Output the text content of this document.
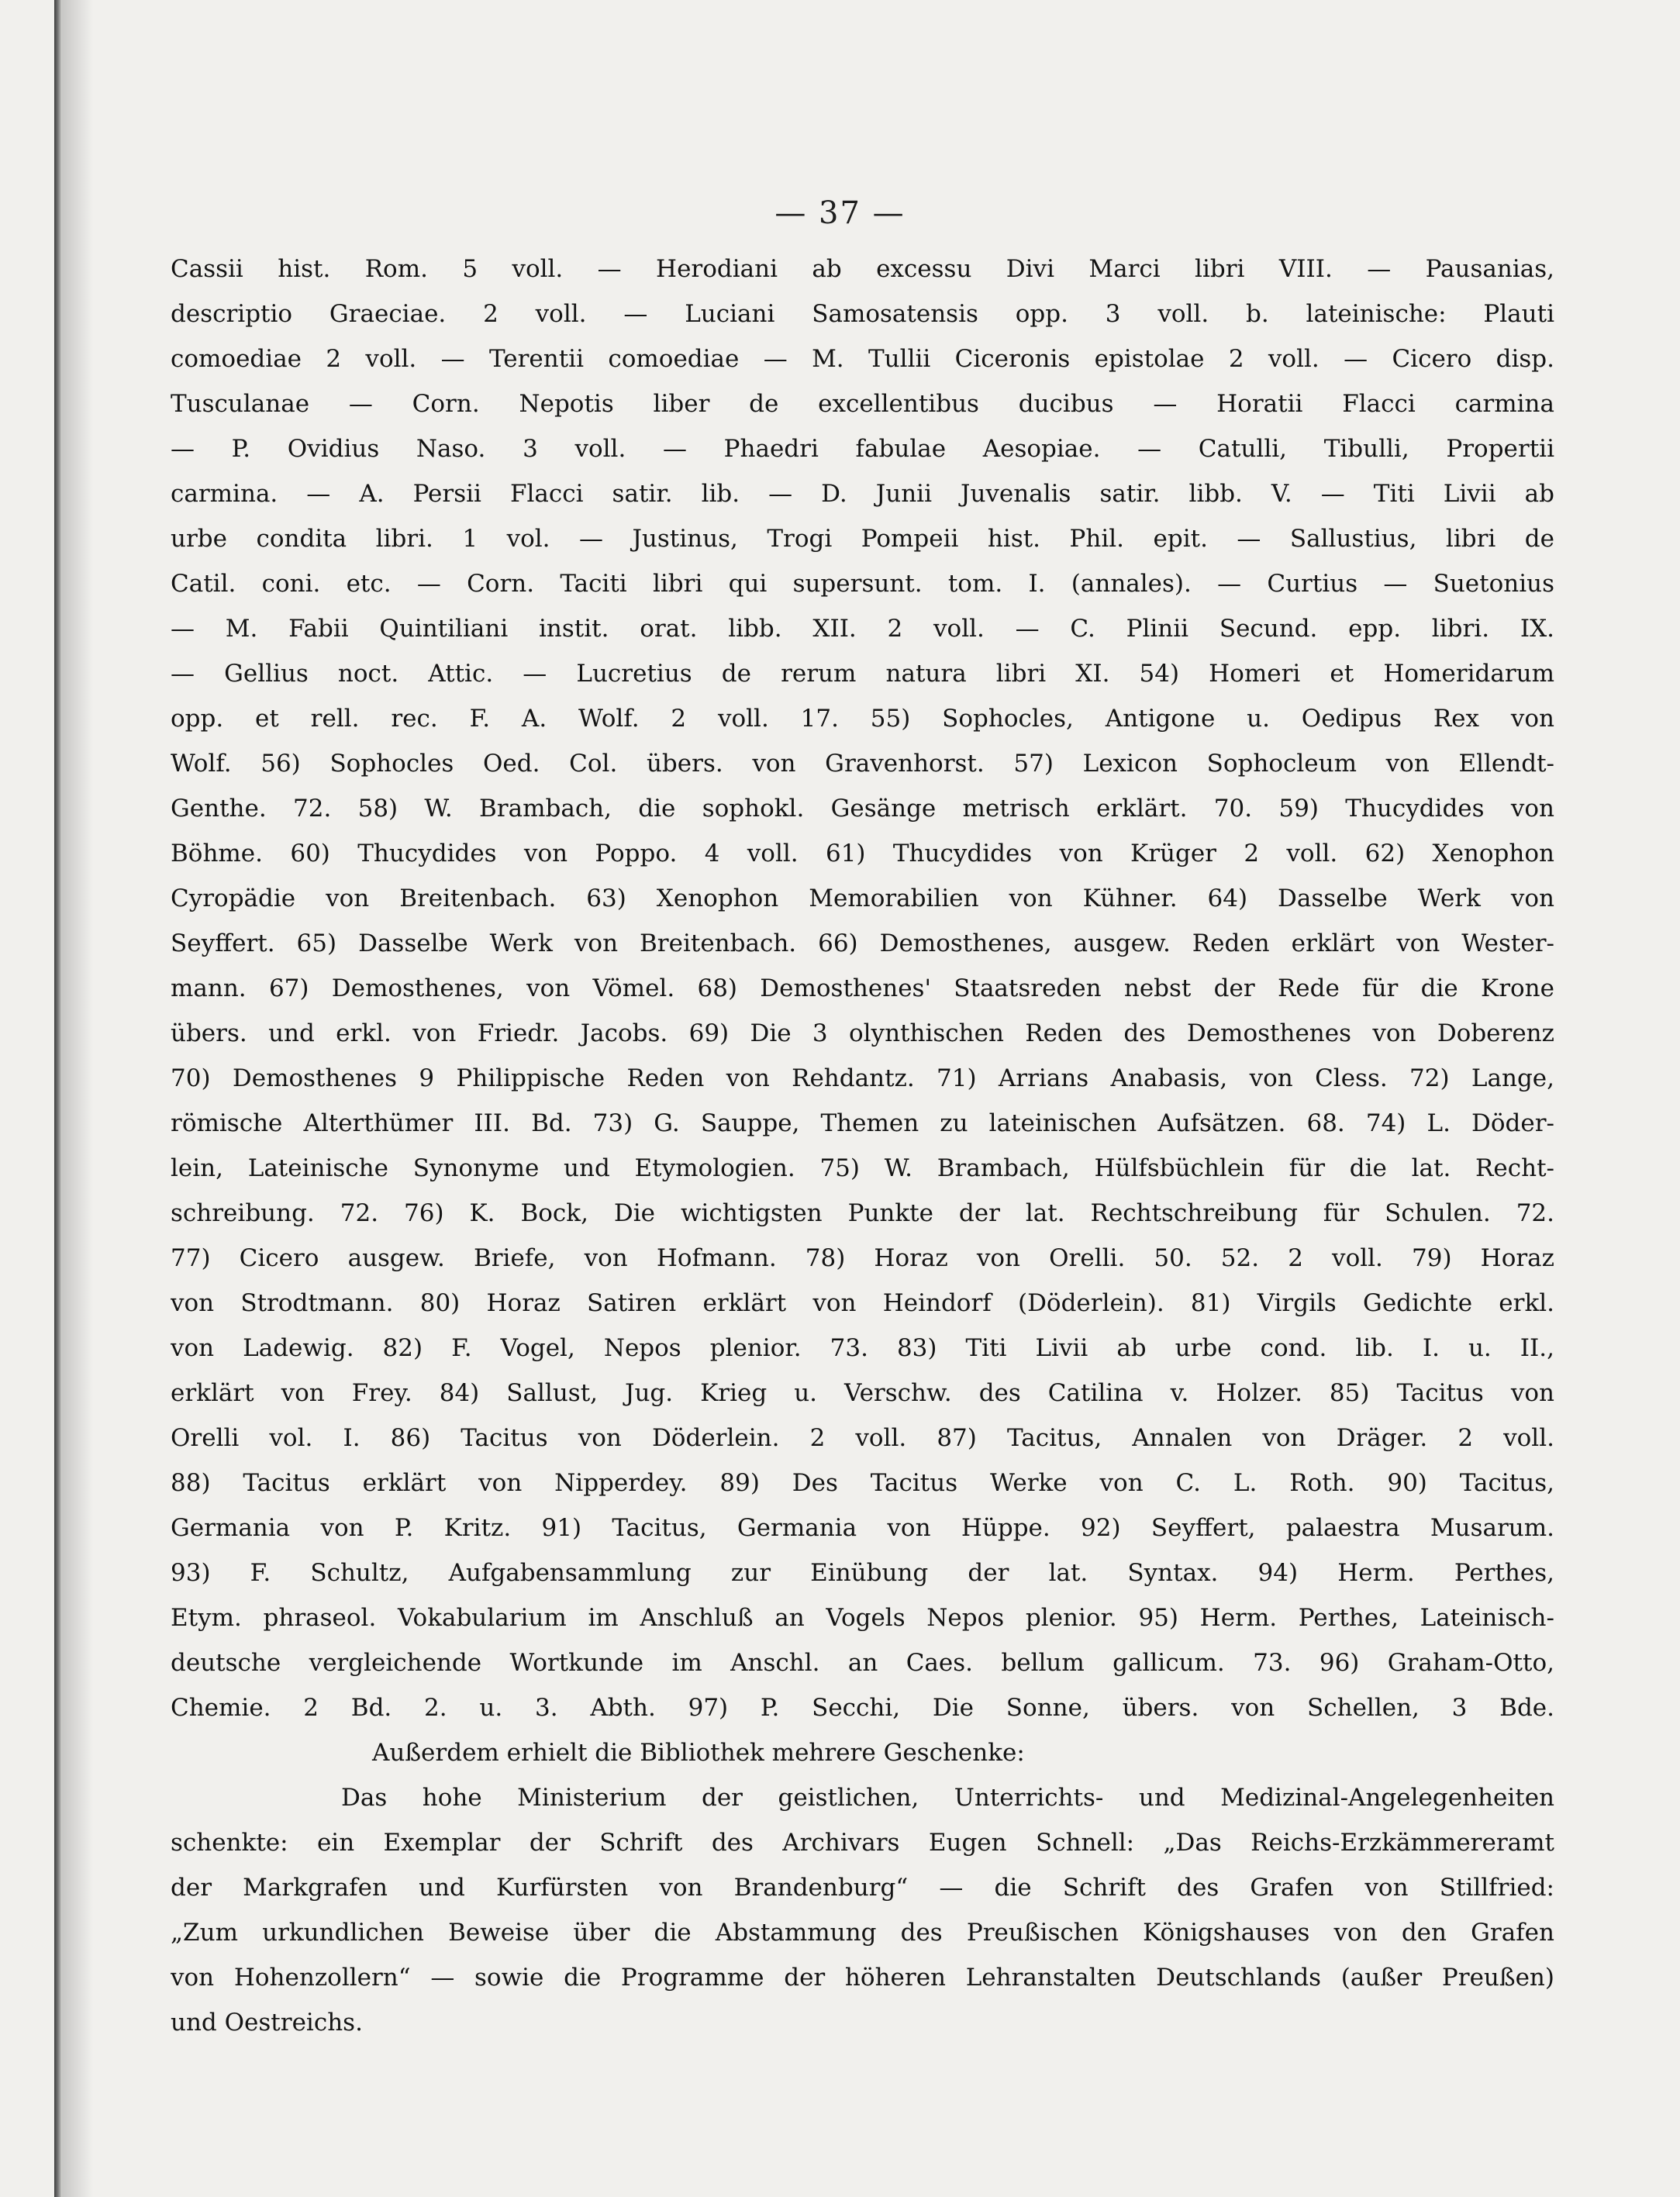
— 37 —

Cassii hist. Rom. 5 voll. — Herodiani ab excessu Divi Marci libri VIII. — Pausanias,
descriptio Graeciae. 2 voll. — Luciani Samosatensis opp. 3 voll. b. lateinische: Plauti
comoediae 2 voll. — Terentii comoediae — M. Tullii Ciceronis epistolae 2 voll. — Cicero disp.
Tusculanae — Corn. Nepotis liber de excellentibus ducibus — Horatii Flacci carmina
— P. Ovidius Naso. 3 voll. — Phaedri fabulae Aesopiae. — Catulli, Tibulli, Propertii
carmina. — A. Persii Flacci satir. lib. — D. Junii Juvenalis satir. libb. V. — Titi Livii ab
urbe condita libri. 1 vol. — Justinus, Trogi Pompeii hist. Phil. epit. — Sallustius, libri de
Catil. coni. etc. — Corn. Taciti libri qui supersunt. tom. I. (annales). — Curtius — Suetonius
— M. Fabii Quintiliani instit. orat. libb. XII. 2 voll. — C. Plinii Secund. epp. libri. IX.
— Gellius noct. Attic. — Lucretius de rerum natura libri XI. 54) Homeri et Homeridarum
opp. et rell. rec. F. A. Wolf. 2 voll. 17. 55) Sophocles, Antigone u. Oedipus Rex von
Wolf. 56) Sophocles Oed. Col. übers. von Gravenhorst. 57) Lexicon Sophocleum von Ellendt-
Genthe. 72. 58) W. Brambach, die sophokl. Gesänge metrisch erklärt. 70. 59) Thucydides von
Böhme. 60) Thucydides von Poppo. 4 voll. 61) Thucydides von Krüger 2 voll. 62) Xenophon
Cyropädie von Breitenbach. 63) Xenophon Memorabilien von Kühner. 64) Dasselbe Werk von
Seyffert. 65) Dasselbe Werk von Breitenbach. 66) Demosthenes, ausgew. Reden erklärt von Wester-
mann. 67) Demosthenes, von Vömel. 68) Demosthenes' Staatsreden nebst der Rede für die Krone
übers. und erkl. von Friedr. Jacobs. 69) Die 3 olynthischen Reden des Demosthenes von Doberenz
70) Demosthenes 9 Philippische Reden von Rehdantz. 71) Arrians Anabasis, von Cless. 72) Lange,
römische Alterthümer III. Bd. 73) G. Sauppe, Themen zu lateinischen Aufsätzen. 68. 74) L. Döder-
lein, Lateinische Synonyme und Etymologien. 75) W. Brambach, Hülfsbüchlein für die lat. Recht-
schreibung. 72. 76) K. Bock, Die wichtigsten Punkte der lat. Rechtschreibung für Schulen. 72.
77) Cicero ausgew. Briefe, von Hofmann. 78) Horaz von Orelli. 50. 52. 2 voll. 79) Horaz
von Strodtmann. 80) Horaz Satiren erklärt von Heindorf (Döderlein). 81) Virgils Gedichte erkl.
von Ladewig. 82) F. Vogel, Nepos plenior. 73. 83) Titi Livii ab urbe cond. lib. I. u. II.,
erklärt von Frey. 84) Sallust, Jug. Krieg u. Verschw. des Catilina v. Holzer. 85) Tacitus von
Orelli vol. I. 86) Tacitus von Döderlein. 2 voll. 87) Tacitus, Annalen von Dräger. 2 voll.
88) Tacitus erklärt von Nipperdey. 89) Des Tacitus Werke von C. L. Roth. 90) Tacitus,
Germania von P. Kritz. 91) Tacitus, Germania von Hüppe. 92) Seyffert, palaestra Musarum.
93) F. Schultz, Aufgabensammlung zur Einübung der lat. Syntax. 94) Herm. Perthes,
Etym. phraseol. Vokabularium im Anschluß an Vogels Nepos plenior. 95) Herm. Perthes, Lateinisch-
deutsche vergleichende Wortkunde im Anschl. an Caes. bellum gallicum. 73. 96) Graham-Otto,
Chemie. 2 Bd. 2. u. 3. Abth. 97) P. Secchi, Die Sonne, übers. von Schellen, 3 Bde.
Außerdem erhielt die Bibliothek mehrere Geschenke:
Das hohe Ministerium der geistlichen, Unterrichts- und Medizinal-Angelegenheiten
schenkte: ein Exemplar der Schrift des Archivars Eugen Schnell: „Das Reichs-Erzkämmereramt
der Markgrafen und Kurfürsten von Brandenburg“ — die Schrift des Grafen von Stillfried:
„Zum urkundlichen Beweise über die Abstammung des Preußischen Königshauses von den Grafen
von Hohenzollern“ — sowie die Programme der höheren Lehranstalten Deutschlands (außer Preußen)
und Oestreichs.
